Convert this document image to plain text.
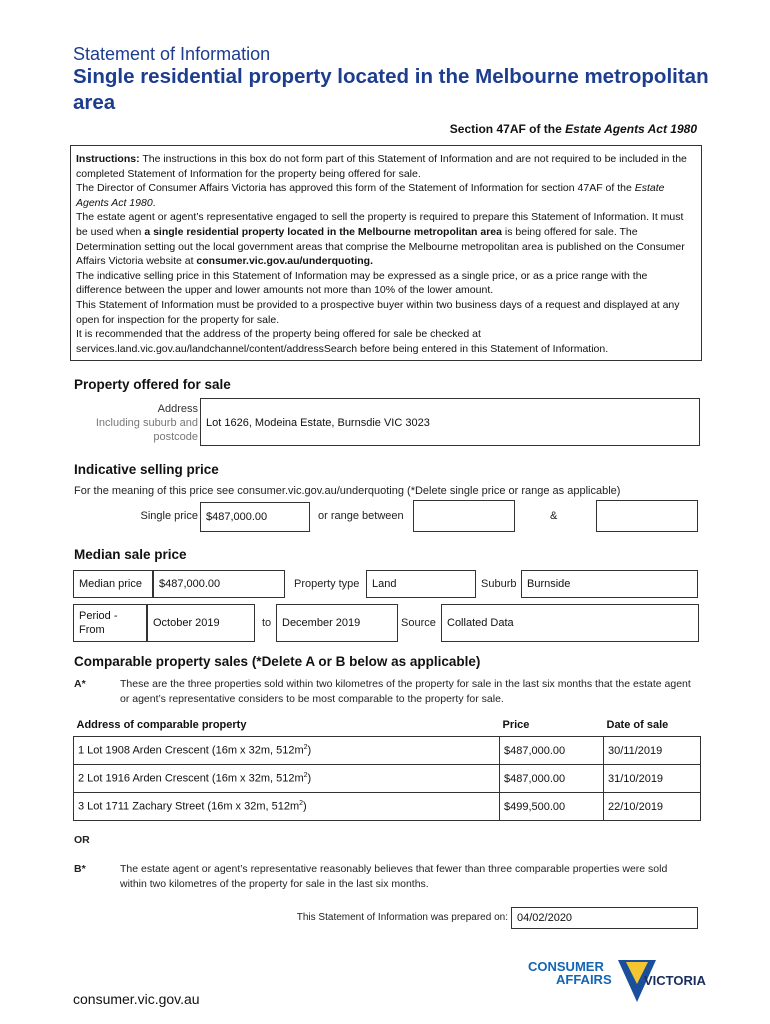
Statement of Information
Single residential property located in the Melbourne metropolitan area
Section 47AF of the Estate Agents Act 1980

Instructions: The instructions in this box do not form part of this Statement of Information and are not required to be included in the completed Statement of Information for the property being offered for sale.

The Director of Consumer Affairs Victoria has approved this form of the Statement of Information for section 47AF of the Estate Agents Act 1980.

The estate agent or agent’s representative engaged to sell the property is required to prepare this Statement of Information. It must be used when a single residential property located in the Melbourne metropolitan area is being offered for sale. The Determination setting out the local government areas that comprise the Melbourne metropolitan area is published on the Consumer Affairs Victoria website at consumer.vic.gov.au/underquoting.

The indicative selling price in this Statement of Information may be expressed as a single price, or as a price range with the difference between the upper and lower amounts not more than 10% of the lower amount.

This Statement of Information must be provided to a prospective buyer within two business days of a request and displayed at any open for inspection for the property for sale.

It is recommended that the address of the property being offered for sale be checked at services.land.vic.gov.au/landchannel/content/addressSearch before being entered in this Statement of Information.

Property offered for sale
Address
Including suburb and
postcode
Lot 1626, Modeina Estate, Burnsdie VIC 3023
Indicative selling price
For the meaning of this price see consumer.vic.gov.au/underquoting (*Delete single price or range as applicable)
Single price $487,000.00	or range between	&
Median sale price
Median price	$487,000.00	Property type	Land	Suburb Burnside
Period -
From
October 2019	to December 2019	Source	Collated Data
Comparable property sales (*Delete A or B below as applicable)
A*	These are the three properties sold within two kilometres of the property for sale in the last six months that the estate agent or agent’s representative considers to be most comparable to the property for sale.
Address of comparable property	Price	Date of sale
1 Lot 1908 Arden Crescent (16m x 32m, $512m^2$)	$487,000.00	30/11/2019
2 Lot 1916 Arden Crescent (16m x 32m, $512m^2$)	$487,000.00	31/10/2019
3 Lot 1711 Zachary Street (16m x 32m, $512m^2$)	$499,500.00	22/10/2019
OR
B*	The estate agent or agent’s representative reasonably believes that fewer than three comparable properties were sold within two kilometres of the property for sale in the last six months.
This Statement of Information was prepared on: 04/02/2020
consumer.vic.gov.au
CONSUMER
AFFAIRS VICTORIA
